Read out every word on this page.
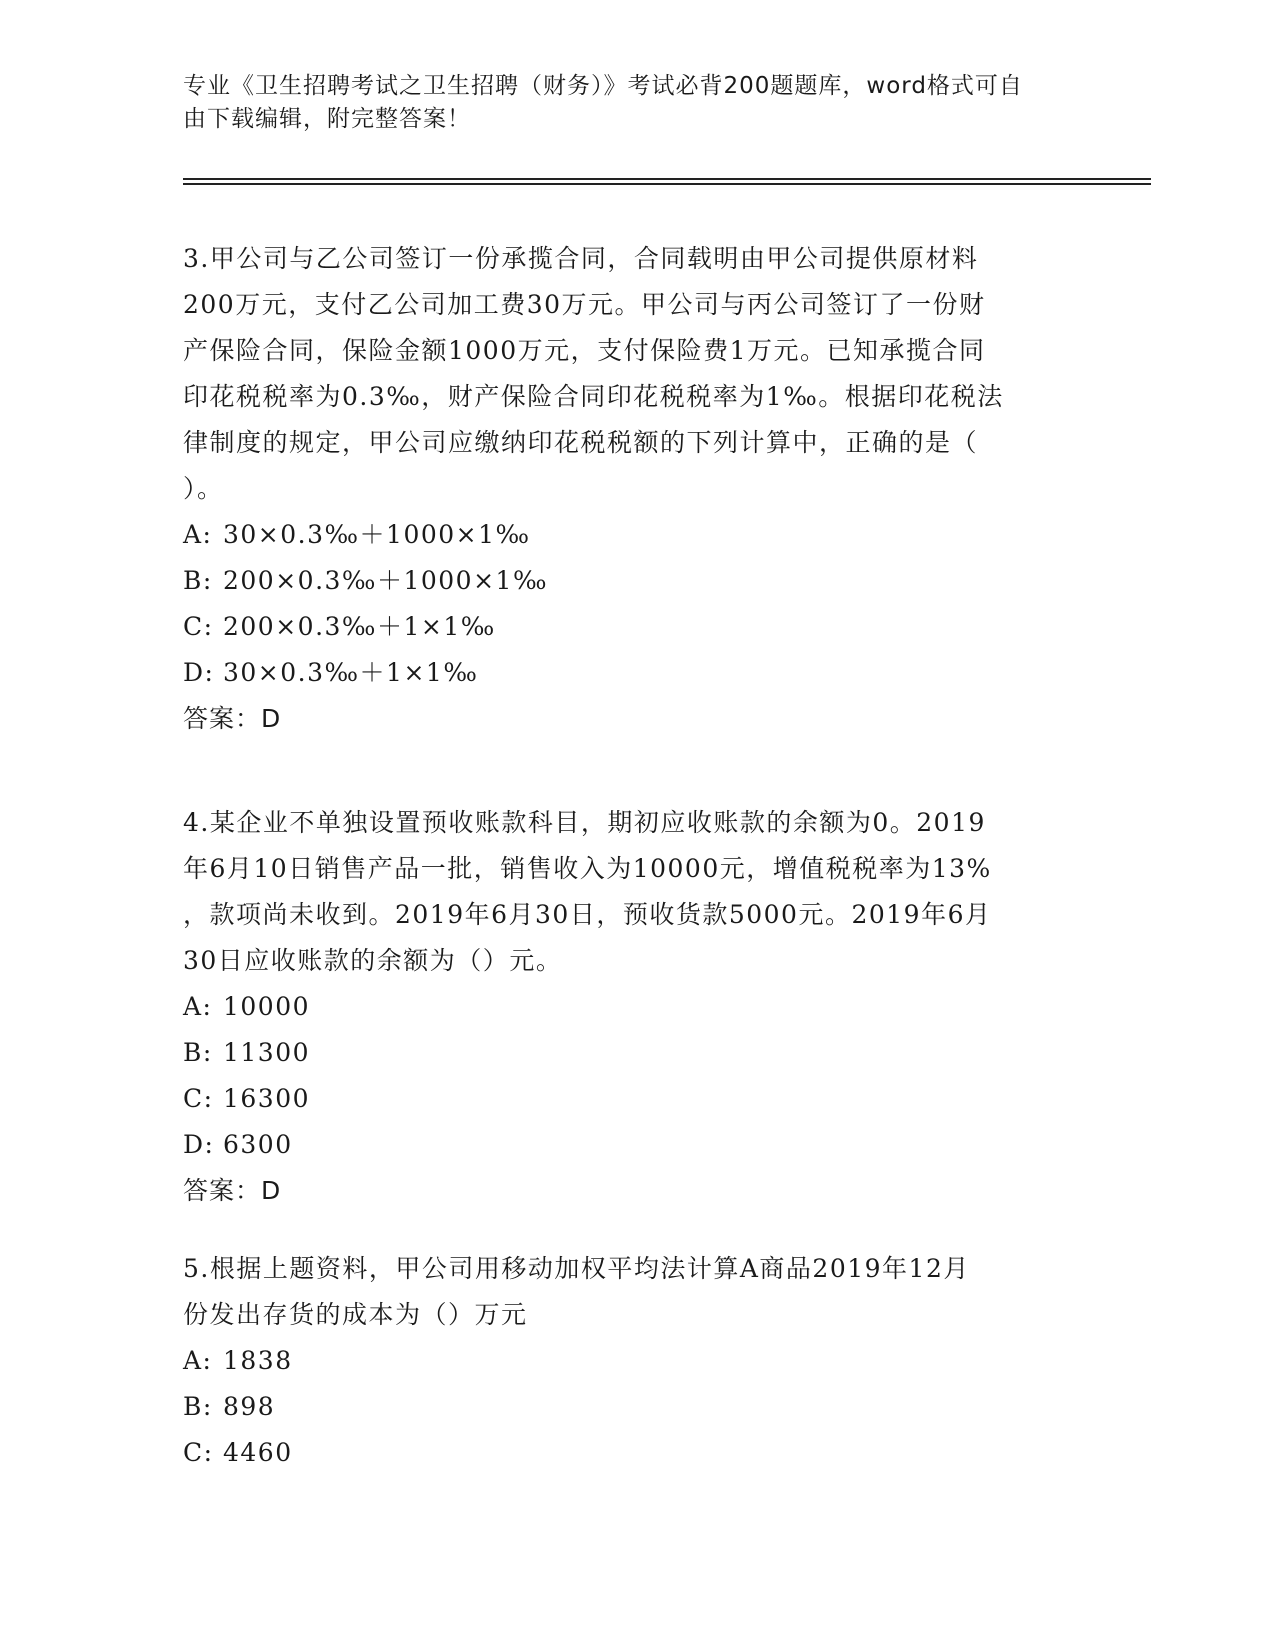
专业《卫生招聘考试之卫生招聘（财务）》考试必背200题题库，word格式可自
由下载编辑，附完整答案！

3.甲公司与乙公司签订一份承揽合同，合同载明由甲公司提供原材料

200万元，支付乙公司加工费30万元。甲公司与丙公司签订了一份财

产保险合同，保险金额1000万元，支付保险费1万元。已知承揽合同

印花税税率为0.3‰，财产保险合同印花税税率为1‰。根据印花税法

律制度的规定，甲公司应缴纳印花税税额的下列计算中，正确的是（

）。

A: 30×0.3‰＋1000×1‰

B: 200×0.3‰＋1000×1‰

C: 200×0.3‰＋1×1‰

D: 30×0.3‰＋1×1‰

答案：D

4.某企业不单独设置预收账款科目，期初应收账款的余额为0。2019

年6月10日销售产品一批，销售收入为10000元，增值税税率为13%

，款项尚未收到。2019年6月30日，预收货款5000元。2019年6月

30日应收账款的余额为（）元。

A: 10000

B: 11300

C: 16300

D: 6300

答案：D

5.根据上题资料，甲公司用移动加权平均法计算A商品2019年12月

份发出存货的成本为（）万元

A: 1838

B: 898

C: 4460
